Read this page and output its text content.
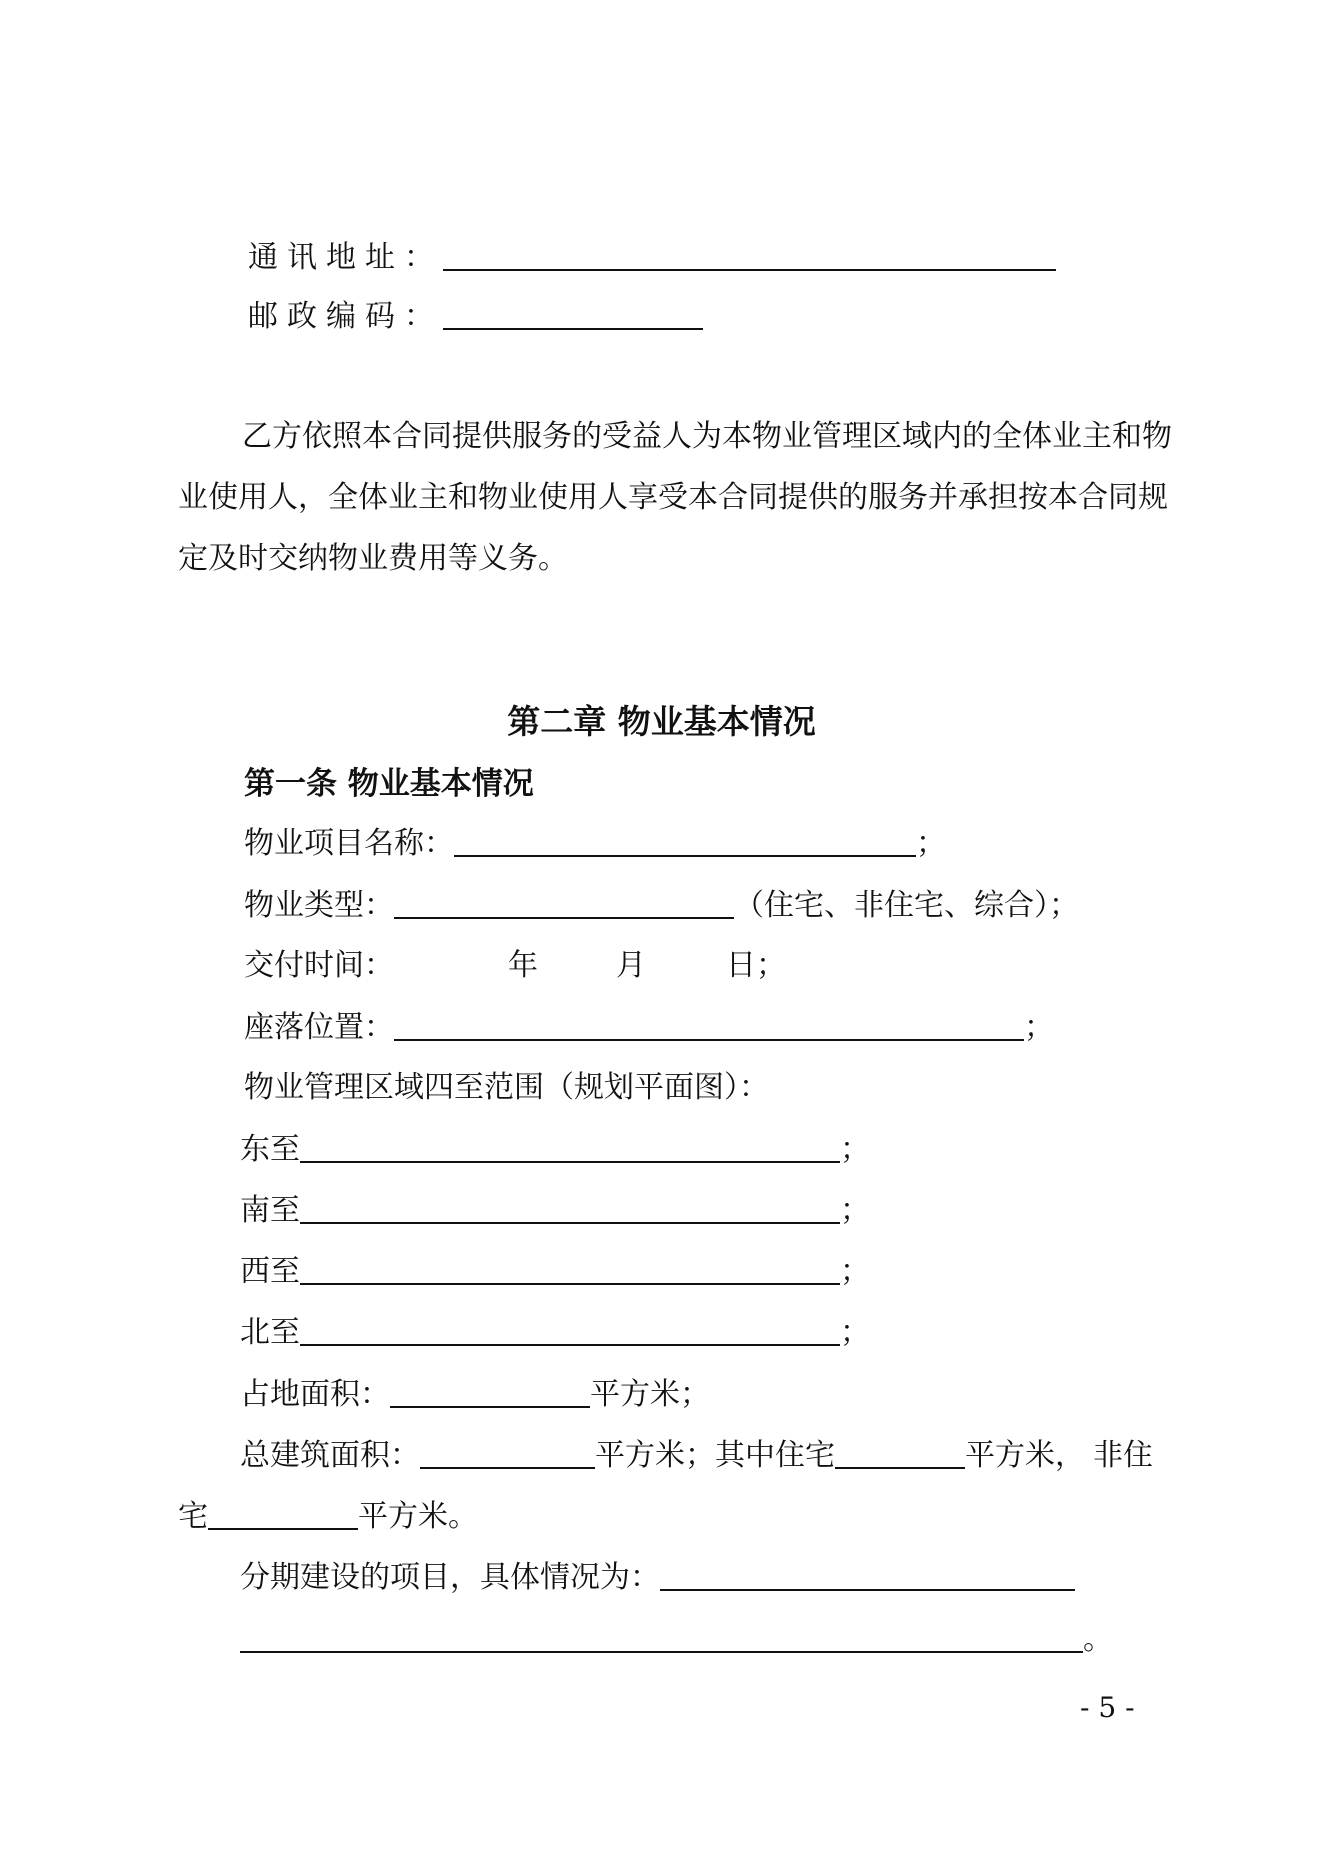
通讯地址：
邮政编码：
乙方依照本合同提供服务的受益人为本物业管理区域内的全体业主和物业使用人，全体业主和物业使用人享受本合同提供的服务并承担按本合同规定及时交纳物业费用等义务。
第二章 物业基本情况
第一条 物业基本情况
物业项目名称：	；
物业类型：	（住宅、非住宅、综合）；
交付时间：	年	月	日；
座落位置：	；
物业管理区域四至范围（规划平面图）：
东至	；
南至	；
西至	；
北至	；
占地面积：	平方米；
总建筑面积：	平方米；其中住宅	平方米， 非住
宅	平方米。
分期建设的项目，具体情况为：
。
- 5 -
